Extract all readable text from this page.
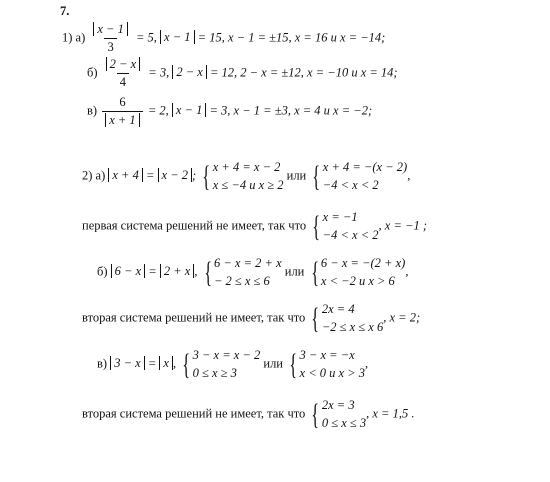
7.
1) $а) \frac{x - 1}{3} = 5$, x − 1 = 15, x − 1 = ±15, x = 16 и x = −14;
$б) \frac{2 - x}{4} = 3$, 2 − x = 12, 2 − x = ±12, x = −10 и x = 14;
$в) \frac{6}{x + 1} = 2$, x − 1 = 3, x − 1 = ±3, x = 4 и x = −2;
2) а) x + 4 = x − 2 ; { x + 4 = x − 2
x ≤ −4 и x ≥ 2
или { x + 4 = −(x − 2)
−4 < x < 2
,
первая система решений не имеет, так что { x = −1
−4 < x < 2
, x = −1 ;
б) 6 − x = 2 + x , { 6 − x = 2 + x
− 2 ≤ x ≤ 6
или { 6 − x = −(2 + x)
x < −2 и x > 6
,
вторая система решений не имеет, так что { 2x = 4
−2 ≤ x ≤ x 6
, x = 2;
в) 3 − x = x , { 3 − x = x − 2
0 ≤ x ≥ 3
или { 3 − x = −x
x < 0 и x > 3
,
вторая система решений не имеет, так что { 2x = 3
0 ≤ x ≤ 3
, x = 1,5 .
